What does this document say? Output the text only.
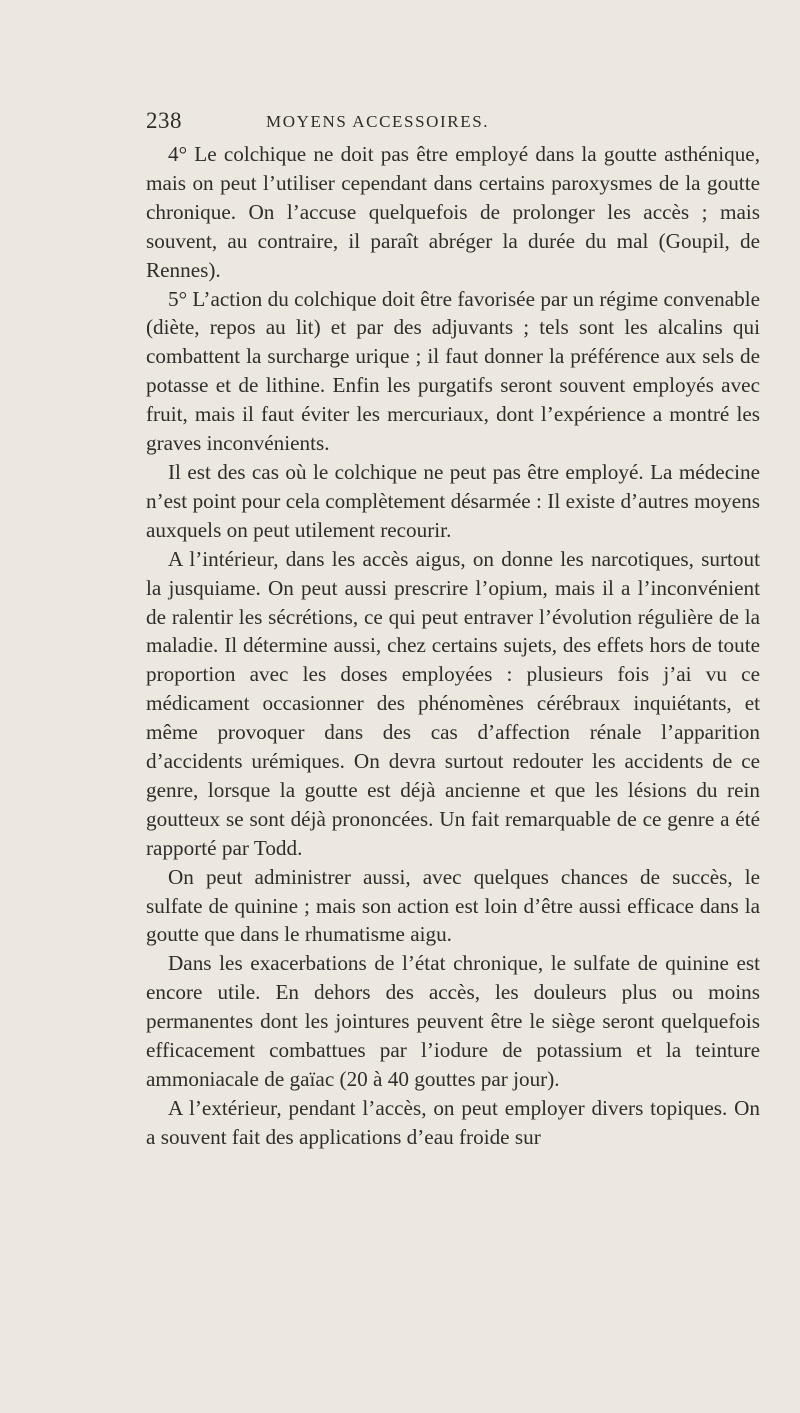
238	MOYENS ACCESSOIRES.

4° Le colchique ne doit pas être employé dans la goutte asthénique, mais on peut l’utiliser cependant dans certains paroxysmes de la goutte chronique. On l’accuse quelquefois de prolonger les accès ; mais souvent, au contraire, il paraît abréger la durée du mal (Goupil, de Rennes).

5° L’action du colchique doit être favorisée par un régime convenable (diète, repos au lit) et par des adjuvants ; tels sont les alcalins qui combattent la surcharge urique ; il faut donner la préférence aux sels de potasse et de lithine. Enfin les purgatifs seront souvent employés avec fruit, mais il faut éviter les mercuriaux, dont l’expérience a montré les graves inconvénients.

Il est des cas où le colchique ne peut pas être employé. La médecine n’est point pour cela complètement désarmée : Il existe d’autres moyens auxquels on peut utilement recourir.

A l’intérieur, dans les accès aigus, on donne les narcotiques, surtout la jusquiame. On peut aussi prescrire l’opium, mais il a l’inconvénient de ralentir les sécrétions, ce qui peut entraver l’évolution régulière de la maladie. Il détermine aussi, chez certains sujets, des effets hors de toute proportion avec les doses employées : plusieurs fois j’ai vu ce médicament occasionner des phénomènes cérébraux inquiétants, et même provoquer dans des cas d’affection rénale l’apparition d’accidents urémiques. On devra surtout redouter les accidents de ce genre, lorsque la goutte est déjà ancienne et que les lésions du rein goutteux se sont déjà prononcées. Un fait remarquable de ce genre a été rapporté par Todd.

On peut administrer aussi, avec quelques chances de succès, le sulfate de quinine ; mais son action est loin d’être aussi efficace dans la goutte que dans le rhumatisme aigu.

Dans les exacerbations de l’état chronique, le sulfate de quinine est encore utile. En dehors des accès, les douleurs plus ou moins permanentes dont les jointures peuvent être le siège seront quelquefois efficacement combattues par l’iodure de potassium et la teinture ammoniacale de gaïac (20 à 40 gouttes par jour).

A l’extérieur, pendant l’accès, on peut employer divers topiques. On a souvent fait des applications d’eau froide sur
